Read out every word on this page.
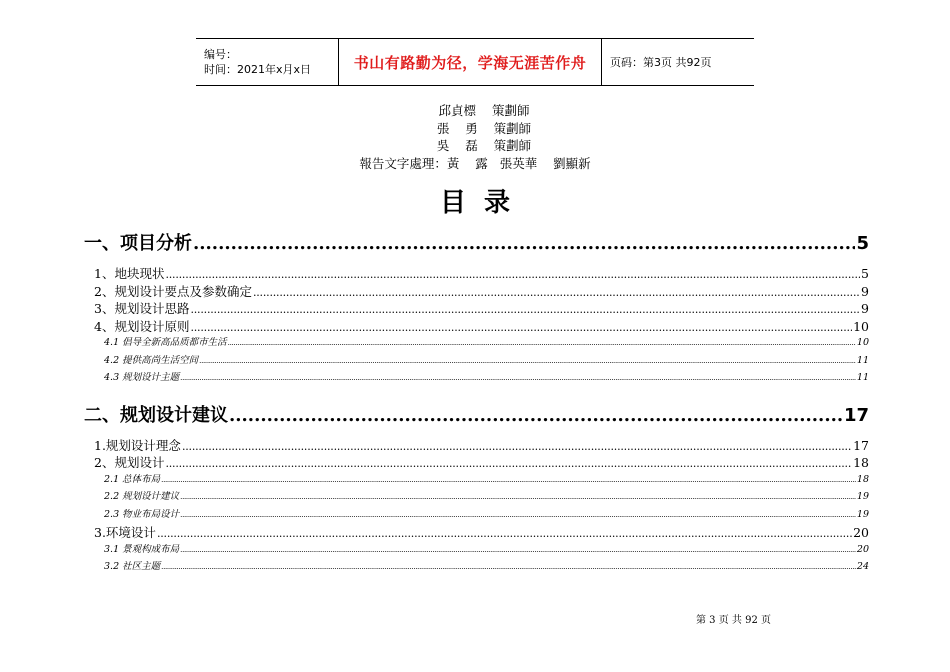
编号：
时间：2021年x月x日	书山有路勤为径，学海无涯苦作舟 页码：第3页 共92页
邱貞標    策劃師
張    勇    策劃師
吳    磊    策劃師
報告文字處理：黃    露   張英華    劉顯新
目录
一、项目分析 .....	5
1、地块现状 .....	5
2、规划设计要点及参数确定 .....	9
3、规划设计思路 .....	9
4、规划设计原则 .....	10
4.1 倡导全新高品质都市生活 .....	10
4.2 提供高尚生活空间 .....	11
4.3 规划设计主题 .....	11
二、规划设计建议 .....	17
1.规划设计理念 .....	17
2、规划设计 .....	18
2.1 总体布局 .....	18
2.2 规划设计建议 .....	19
2.3 物业布局设计 .....	19
3.环境设计 .....	20
3.1 景观构成布局 .....	20
3.2 社区主题 .....	24
第 3 页 共 92 页
